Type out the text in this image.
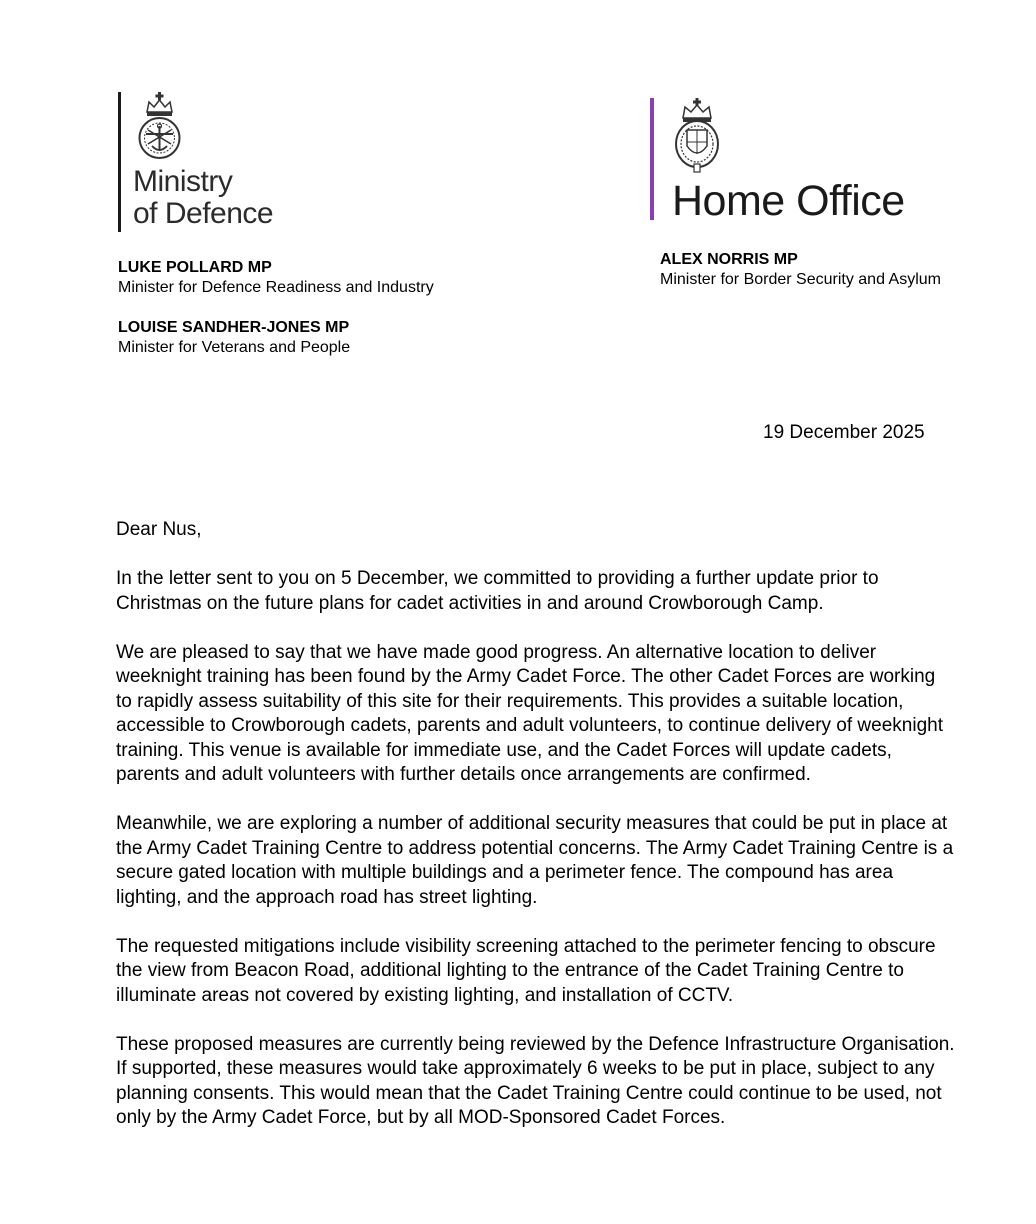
Ministry
of Defence	Home Office
LUKE POLLARD MP
Minister for Defence Readiness and Industry
LOUISE SANDHER-JONES MP
Minister for Veterans and People
ALEX NORRIS MP
Minister for Border Security and Asylum
19 December 2025

Dear Nus,

In the letter sent to you on 5 December, we committed to providing a further update prior to Christmas on the future plans for cadet activities in and around Crowborough Camp.

We are pleased to say that we have made good progress. An alternative location to deliver weeknight training has been found by the Army Cadet Force. The other Cadet Forces are working to rapidly assess suitability of this site for their requirements. This provides a suitable location, accessible to Crowborough cadets, parents and adult volunteers, to continue delivery of weeknight training. This venue is available for immediate use, and the Cadet Forces will update cadets, parents and adult volunteers with further details once arrangements are confirmed.

Meanwhile, we are exploring a number of additional security measures that could be put in place at the Army Cadet Training Centre to address potential concerns. The Army Cadet Training Centre is a secure gated location with multiple buildings and a perimeter fence. The compound has area lighting, and the approach road has street lighting.

The requested mitigations include visibility screening attached to the perimeter fencing to obscure the view from Beacon Road, additional lighting to the entrance of the Cadet Training Centre to illuminate areas not covered by existing lighting, and installation of CCTV.

These proposed measures are currently being reviewed by the Defence Infrastructure Organisation. If supported, these measures would take approximately 6 weeks to be put in place, subject to any planning consents. This would mean that the Cadet Training Centre could continue to be used, not only by the Army Cadet Force, but by all MOD-Sponsored Cadet Forces.
